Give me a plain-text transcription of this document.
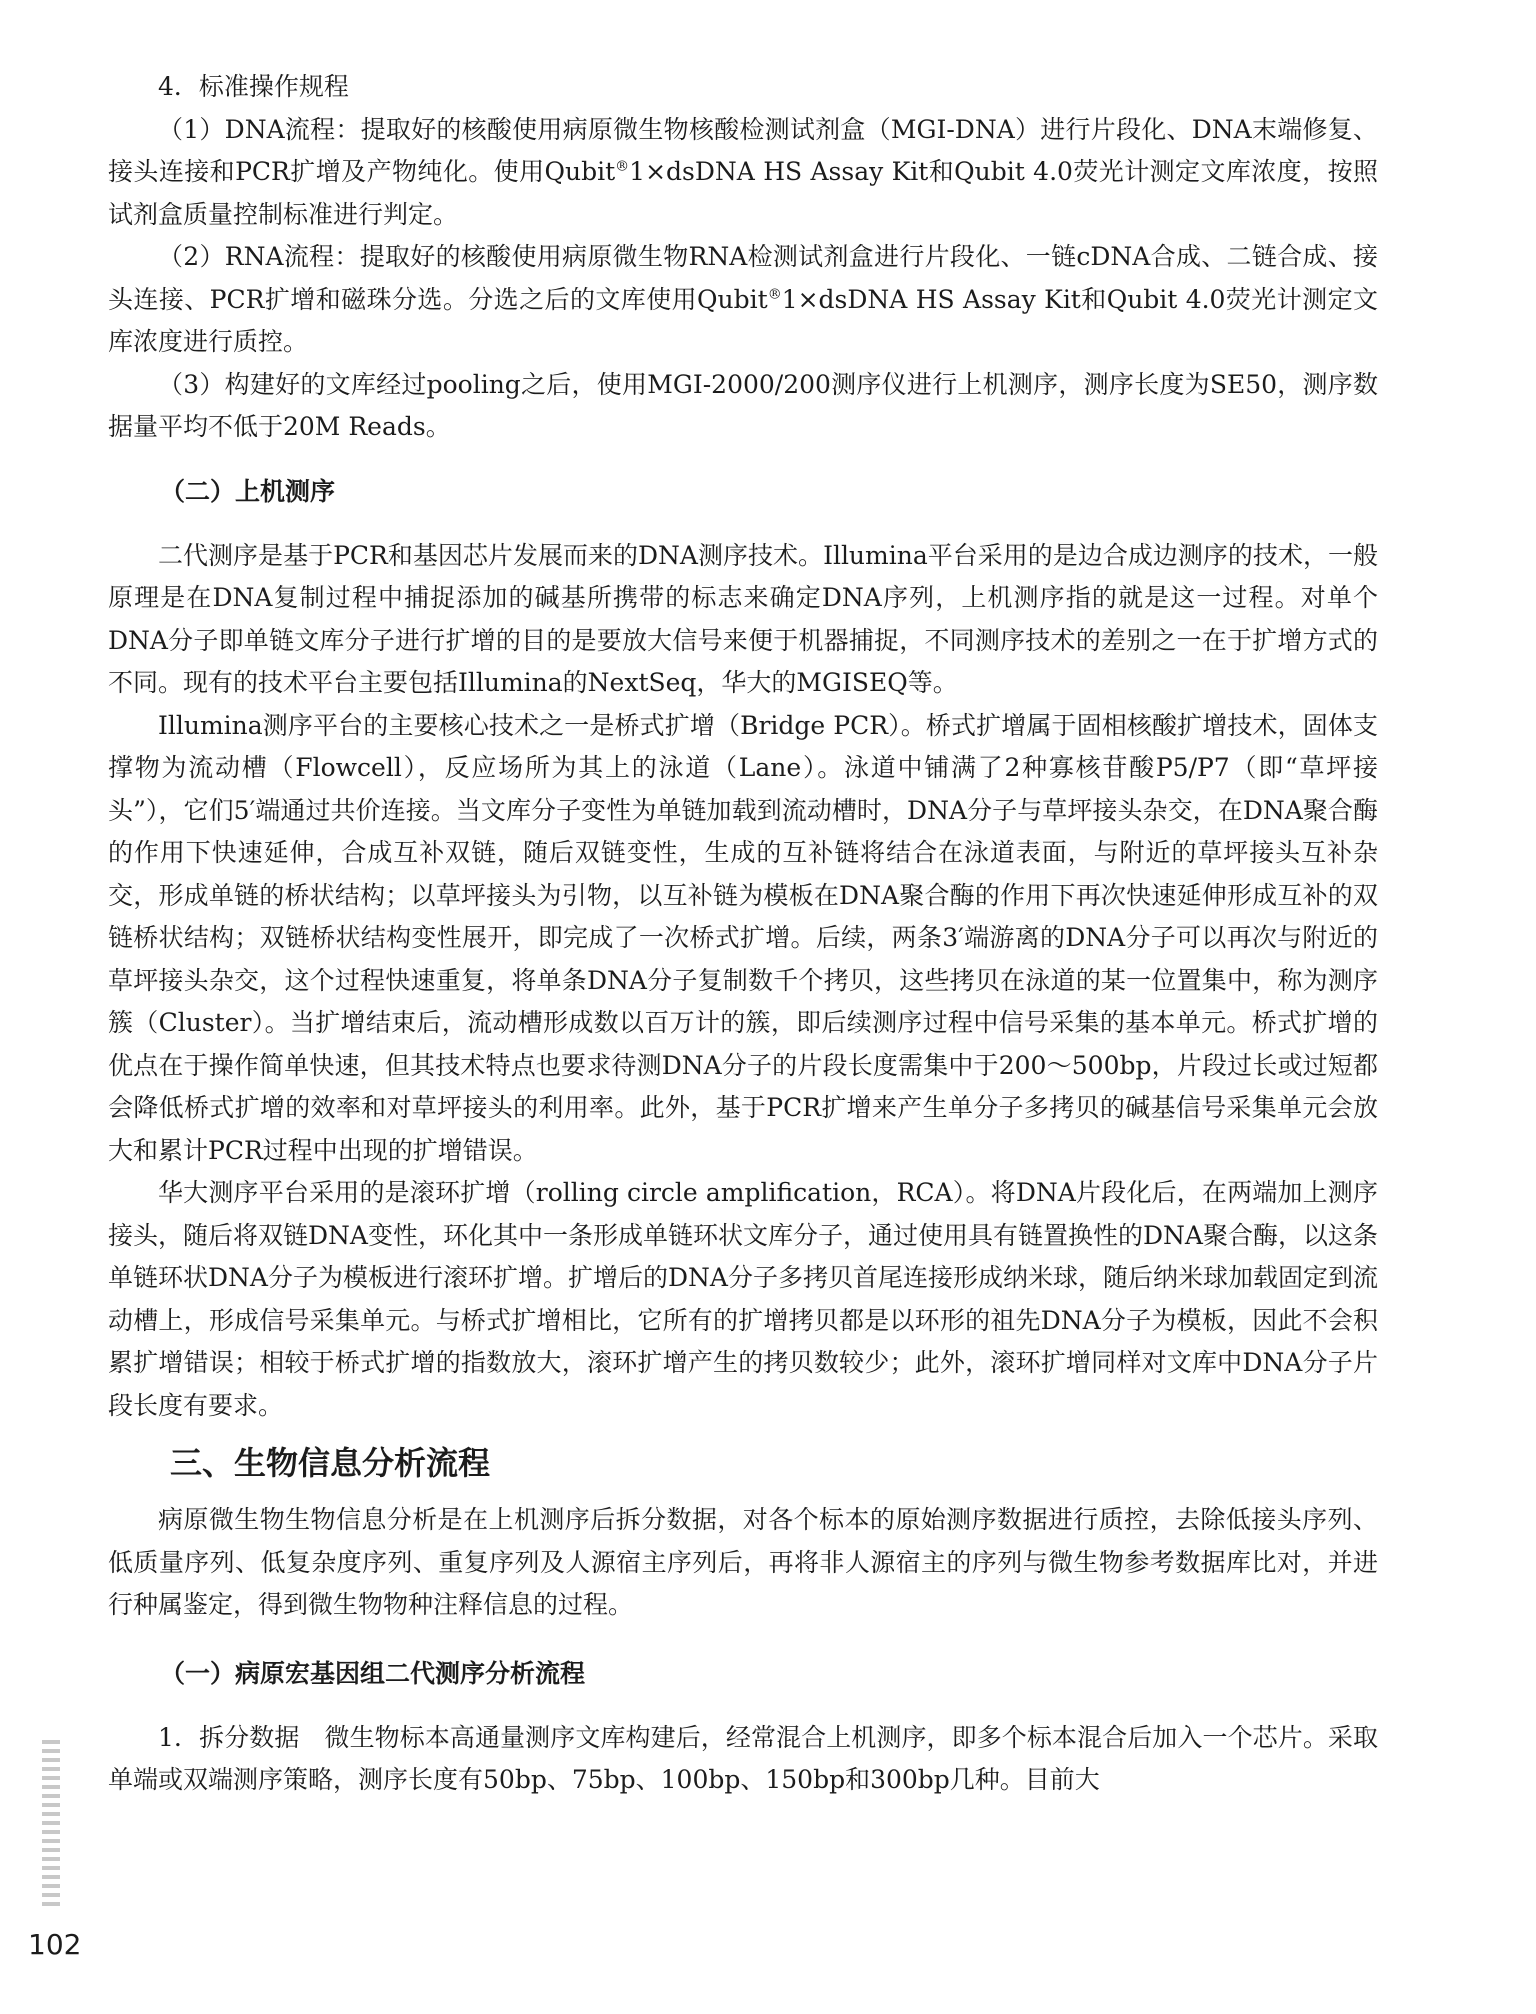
4．标准操作规程

（1）DNA流程：提取好的核酸使用病原微生物核酸检测试剂盒（MGI-DNA）进行片段化、DNA末端修复、接头连接和PCR扩增及产物纯化。使用Qubit®1×dsDNA HS Assay Kit和Qubit 4.0荧光计测定文库浓度，按照试剂盒质量控制标准进行判定。

（2）RNA流程：提取好的核酸使用病原微生物RNA检测试剂盒进行片段化、一链cDNA合成、二链合成、接头连接、PCR扩增和磁珠分选。分选之后的文库使用Qubit®1×dsDNA HS Assay Kit和Qubit 4.0荧光计测定文库浓度进行质控。

（3）构建好的文库经过pooling之后，使用MGI-2000/200测序仪进行上机测序，测序长度为SE50，测序数据量平均不低于20M Reads。

（二）上机测序

二代测序是基于PCR和基因芯片发展而来的DNA测序技术。Illumina平台采用的是边合成边测序的技术，一般原理是在DNA复制过程中捕捉添加的碱基所携带的标志来确定DNA序列，上机测序指的就是这一过程。对单个DNA分子即单链文库分子进行扩增的目的是要放大信号来便于机器捕捉，不同测序技术的差别之一在于扩增方式的不同。现有的技术平台主要包括Illumina的NextSeq，华大的MGISEQ等。

Illumina测序平台的主要核心技术之一是桥式扩增（Bridge PCR）。桥式扩增属于固相核酸扩增技术，固体支撑物为流动槽（Flowcell），反应场所为其上的泳道（Lane）。泳道中铺满了2种寡核苷酸P5/P7（即“草坪接头”），它们5′端通过共价连接。当文库分子变性为单链加载到流动槽时，DNA分子与草坪接头杂交，在DNA聚合酶的作用下快速延伸，合成互补双链，随后双链变性，生成的互补链将结合在泳道表面，与附近的草坪接头互补杂交，形成单链的桥状结构；以草坪接头为引物，以互补链为模板在DNA聚合酶的作用下再次快速延伸形成互补的双链桥状结构；双链桥状结构变性展开，即完成了一次桥式扩增。后续，两条3′端游离的DNA分子可以再次与附近的草坪接头杂交，这个过程快速重复，将单条DNA分子复制数千个拷贝，这些拷贝在泳道的某一位置集中，称为测序簇（Cluster）。当扩增结束后，流动槽形成数以百万计的簇，即后续测序过程中信号采集的基本单元。桥式扩增的优点在于操作简单快速，但其技术特点也要求待测DNA分子的片段长度需集中于200～500bp，片段过长或过短都会降低桥式扩增的效率和对草坪接头的利用率。此外，基于PCR扩增来产生单分子多拷贝的碱基信号采集单元会放大和累计PCR过程中出现的扩增错误。

华大测序平台采用的是滚环扩增（rolling circle amplification，RCA）。将DNA片段化后，在两端加上测序接头，随后将双链DNA变性，环化其中一条形成单链环状文库分子，通过使用具有链置换性的DNA聚合酶，以这条单链环状DNA分子为模板进行滚环扩增。扩增后的DNA分子多拷贝首尾连接形成纳米球，随后纳米球加载固定到流动槽上，形成信号采集单元。与桥式扩增相比，它所有的扩增拷贝都是以环形的祖先DNA分子为模板，因此不会积累扩增错误；相较于桥式扩增的指数放大，滚环扩增产生的拷贝数较少；此外，滚环扩增同样对文库中DNA分子片段长度有要求。

三、生物信息分析流程

病原微生物生物信息分析是在上机测序后拆分数据，对各个标本的原始测序数据进行质控，去除低接头序列、低质量序列、低复杂度序列、重复序列及人源宿主序列后，再将非人源宿主的序列与微生物参考数据库比对，并进行种属鉴定，得到微生物物种注释信息的过程。

（一）病原宏基因组二代测序分析流程

1．拆分数据　微生物标本高通量测序文库构建后，经常混合上机测序，即多个标本混合后加入一个芯片。采取单端或双端测序策略，测序长度有50bp、75bp、100bp、150bp和300bp几种。目前大

102
